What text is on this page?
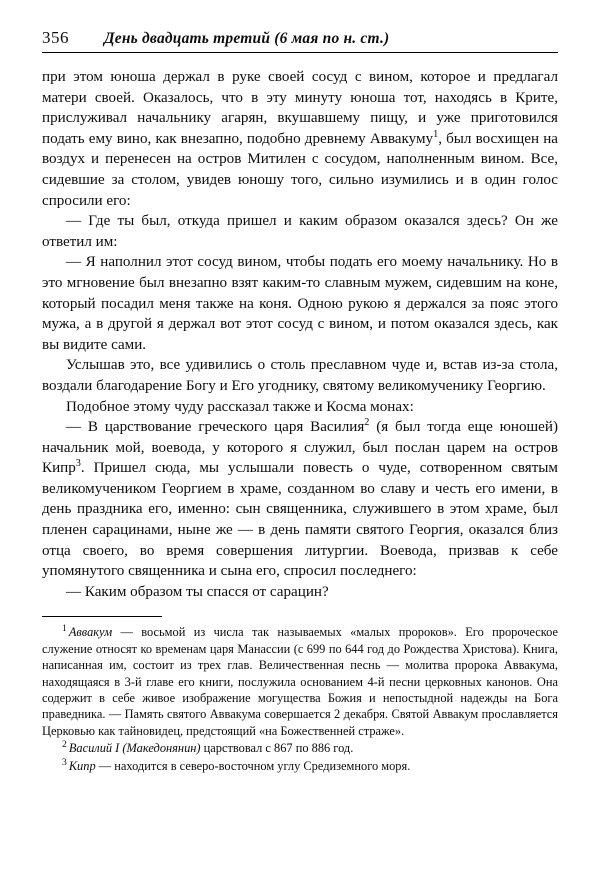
356	День двадцать третий (6 мая по н. ст.)

при этом юноша держал в руке своей сосуд с вином, которое и предлагал матери своей. Оказалось, что в эту минуту юноша тот, находясь в Крите, прислуживал начальнику агарян, вкушавшему пищу, и уже приготовился подать ему вино, как внезапно, подобно древнему Аввакуму$^1$, был восхищен на воздух и перенесен на остров Митилен с сосудом, наполненным вином. Все, сидевшие за столом, увидев юношу того, сильно изумились и в один голос спросили его:

— Где ты был, откуда пришел и каким образом оказался здесь? Он же ответил им:

— Я наполнил этот сосуд вином, чтобы подать его моему начальнику. Но в это мгновение был внезапно взят каким-то славным мужем, сидевшим на коне, который посадил меня также на коня. Одною рукою я держался за пояс этого мужа, а в другой я держал вот этот сосуд с вином, и потом оказался здесь, как вы видите сами.

Услышав это, все удивились о столь преславном чуде и, встав из-за стола, воздали благодарение Богу и Его угоднику, святому великомученику Георгию.

Подобное этому чуду рассказал также и Косма монах:

— В царствование греческого царя Василия$^2$ (я был тогда еще юношей) начальник мой, воевода, у которого я служил, был послан царем на остров Кипр$^3$. Пришел сюда, мы услышали повесть о чуде, сотворенном святым великомучеником Георгием в храме, созданном во славу и честь его имени, в день праздника его, именно: сын священника, служившего в этом храме, был пленен сарацинами, ныне же — в день памяти святого Георгия, оказался близ отца своего, во время совершения литургии. Воевода, призвав к себе упомянутого священника и сына его, спросил последнего:

— Каким образом ты спасся от сарацин?

$^1$ Аввакум — восьмой из числа так называемых «малых пророков». Его пророческое служение относят ко временам царя Манассии (с 699 по 644 год до Рождества Христова). Книга, написанная им, состоит из трех глав. Величественная песнь — молитва пророка Аввакума, находящаяся в 3-й главе его книги, послужила основанием 4-й песни церковных канонов. Она содержит в себе живое изображение могущества Божия и непостыдной надежды на Бога праведника. — Память святого Аввакума совершается 2 декабря. Святой Аввакум прославляется Церковью как тайновидец, предстоящий «на Божественней страже».

$^2$ Василий I (Македонянин) царствовал с 867 по 886 год.

$^3$ Кипр — находится в северо-восточном углу Средиземного моря.
